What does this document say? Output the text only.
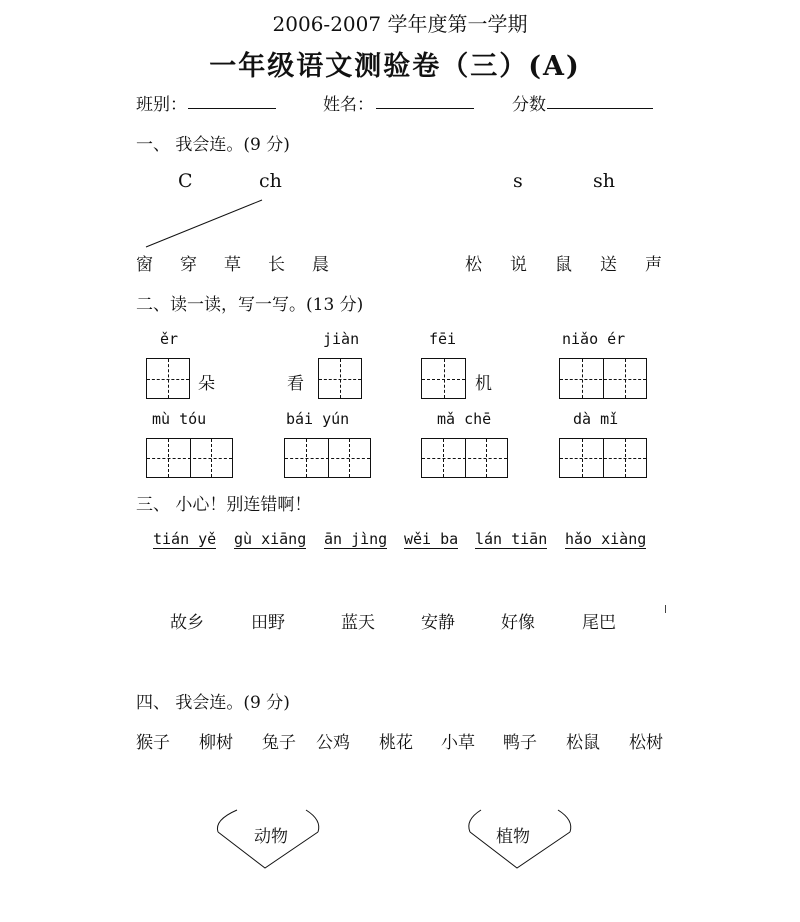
2006-2007 学年度第一学期
一年级语文测验卷（三）(A)
班别：	姓名：	分数
一、 我会连。(9 分)
C	ch	s	sh
窗 穿 草 长 晨	松 说 鼠 送 声
二、读一读，写一写。(13 分)
ěr	jiàn	fēi	niǎo ér
朵	看	机
mù tóu	bái yún	mǎ chē	dà mǐ
三、 小心！别连错啊！
tián yě gù xiāng ān jìng wěi ba lán tiān hǎo xiàng
故乡	田野	蓝天	安静	好像	尾巴
四、 我会连。(9 分)
猴子 柳树 兔子 公鸡 桃花 小草 鸭子 松鼠 松树
动物	植物
